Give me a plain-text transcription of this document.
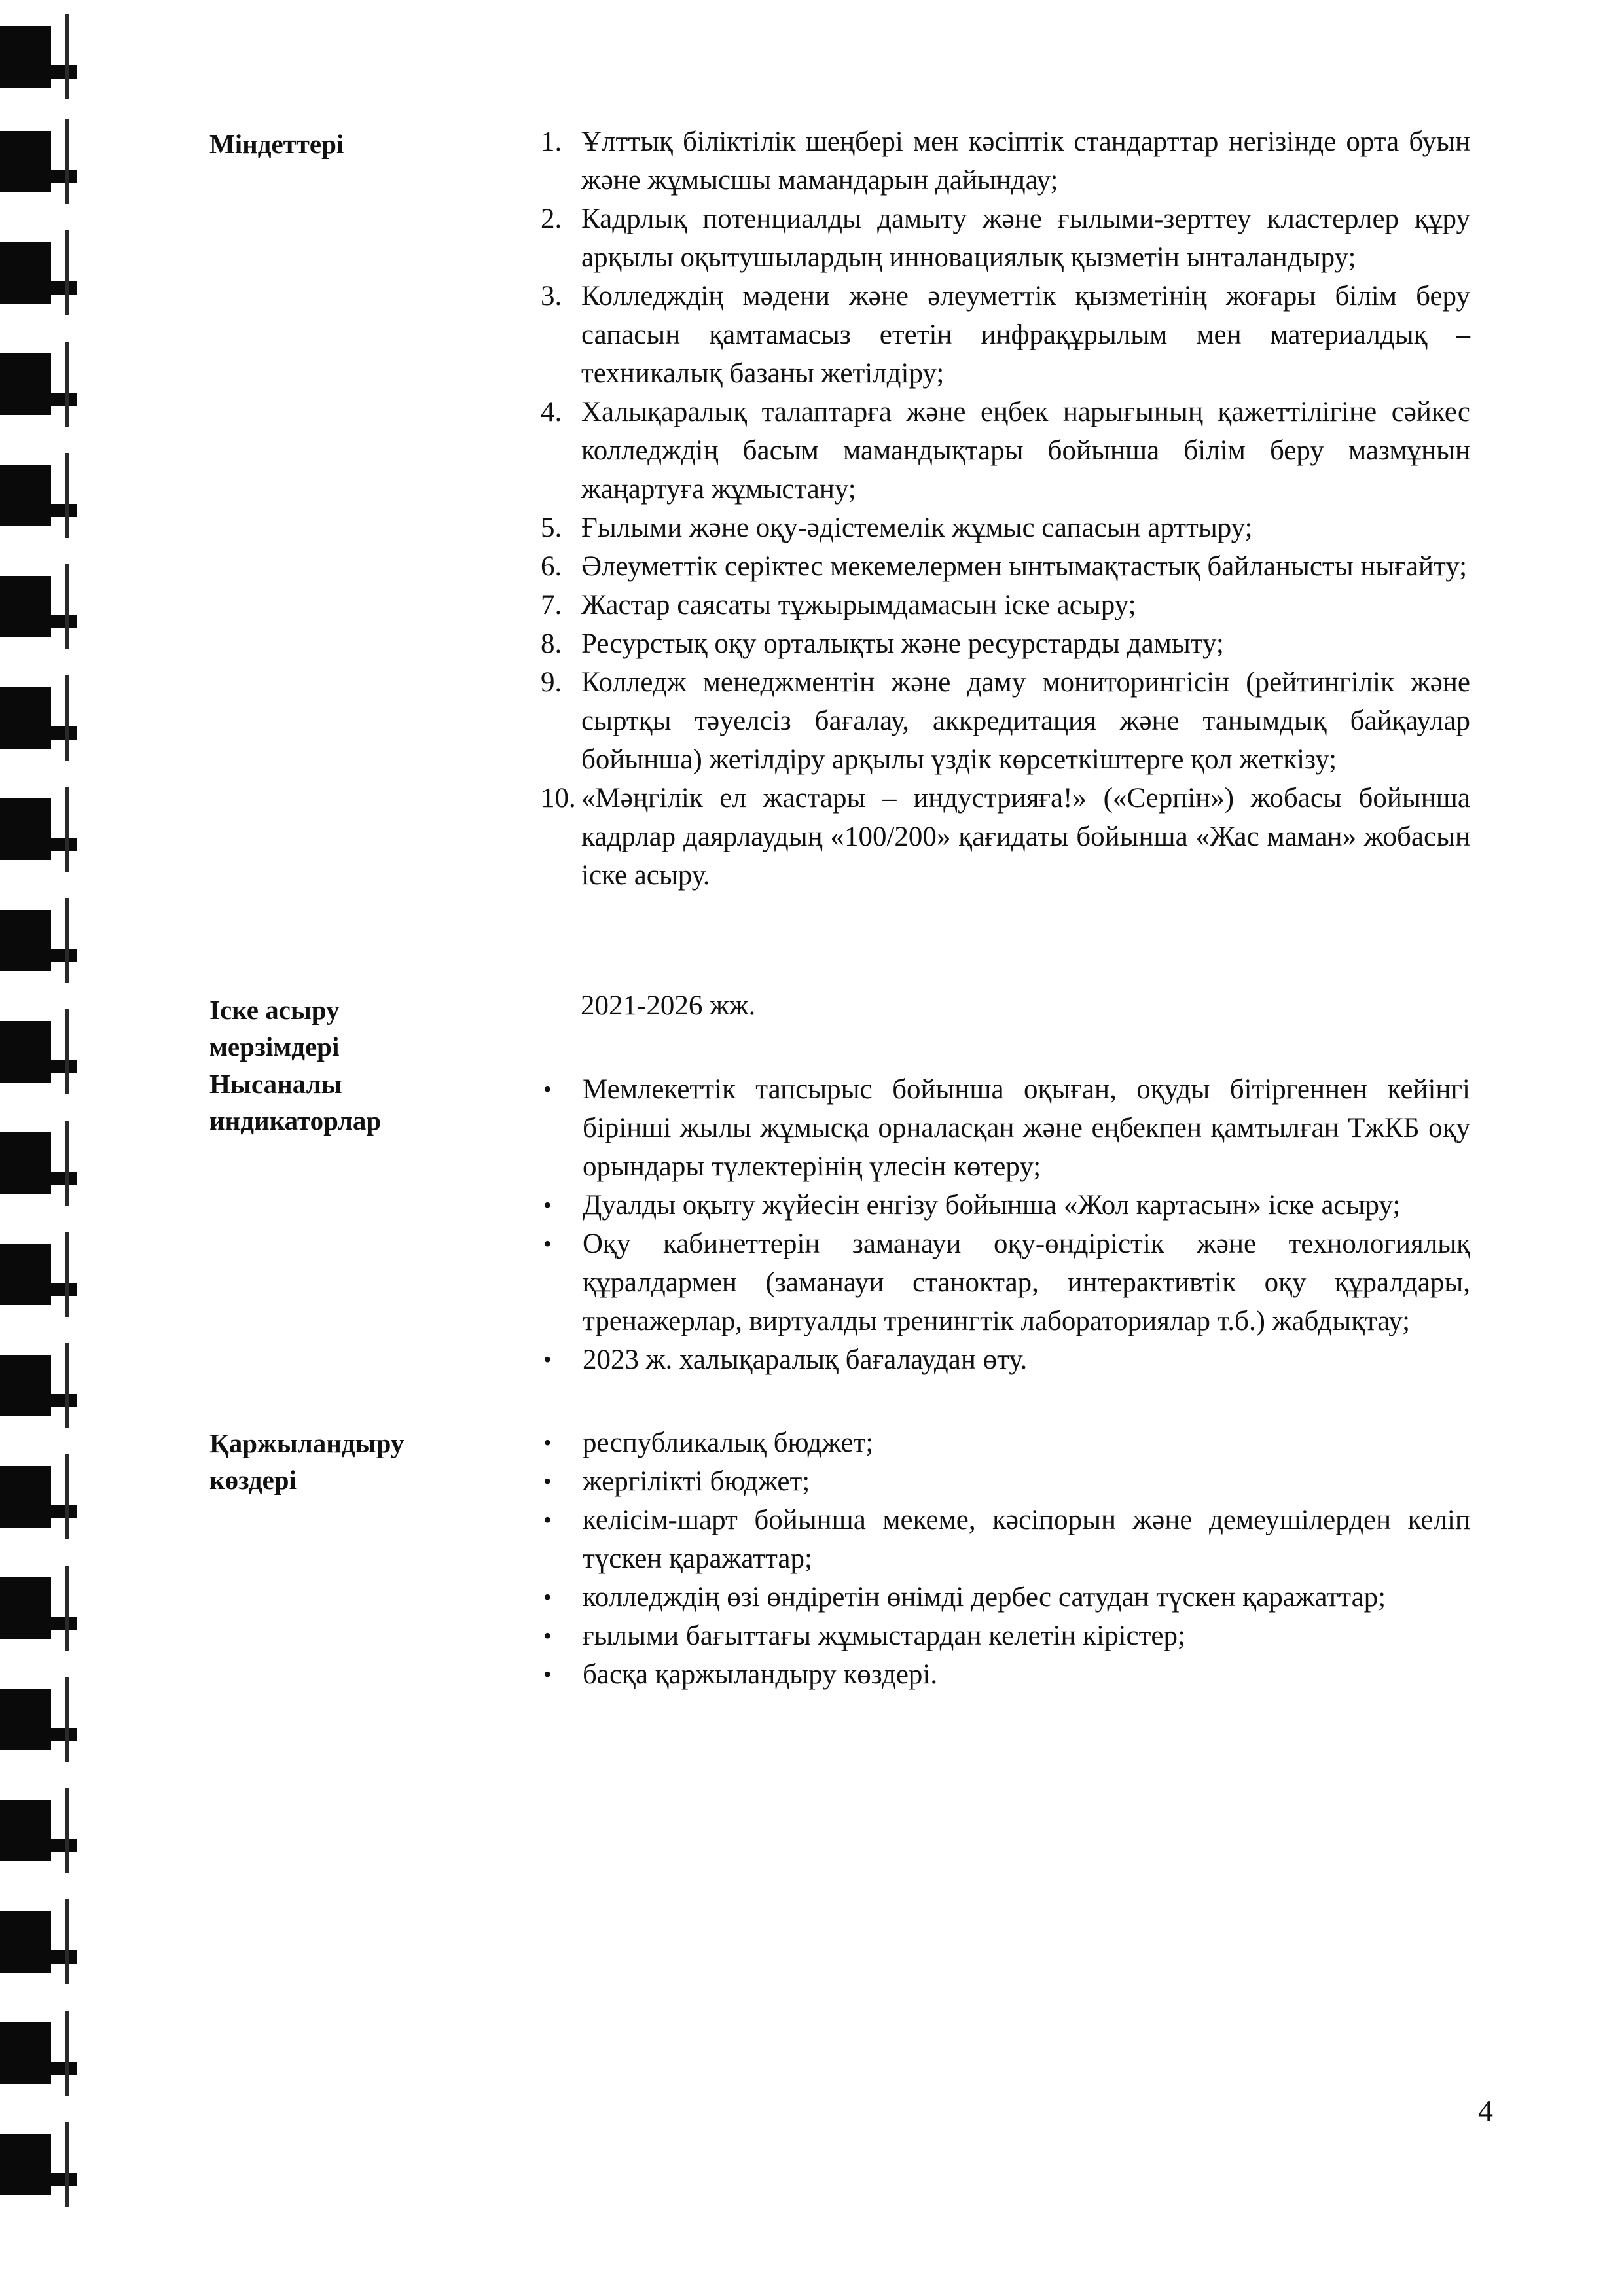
Міндеттері
Іске асыру
мерзімдері
Нысаналы
индикаторлар
Қаржыландыру
көздері
1. Ұлттық біліктілік шеңбері мен кәсіптік стандарттар негізінде орта буын және жұмысшы мамандарын дайындау;
2. Кадрлық потенциалды дамыту және ғылыми-зерттеу кластерлер құру арқылы оқытушылардың инновациялық қызметін ынталандыру;
3. Колледждің мәдени және әлеуметтік қызметінің жоғары білім беру сапасын қамтамасыз ететін инфрақұрылым мен материалдық – техникалық базаны жетілдіру;
4. Халықаралық талаптарға және еңбек нарығының қажеттілігіне сәйкес колледждің басым мамандықтары бойынша білім беру мазмұнын жаңартуға жұмыстану;
5. Ғылыми және оқу-әдістемелік жұмыс сапасын арттыру;
6. Әлеуметтік серіктес мекемелермен ынтымақтастық байланысты нығайту;
7. Жастар саясаты тұжырымдамасын іске асыру;
8. Ресурстық оқу орталықты және ресурстарды дамыту;
9. Колледж менеджментін және даму мониторингісін (рейтингілік және сыртқы тәуелсіз бағалау, аккредитация және танымдық байқаулар бойынша) жетілдіру арқылы үздік көрсеткіштерге қол жеткізу;
10. «Мәңгілік ел жастары – индустрияға!» («Серпін») жобасы бойынша кадрлар даярлаудың «100/200» қағидаты бойынша «Жас маман» жобасын іске асыру.
2021-2026 жж.
• Мемлекеттік тапсырыс бойынша оқыған, оқуды бітіргеннен кейінгі бірінші жылы жұмысқа орналасқан және еңбекпен қамтылған ТжКБ оқу орындары түлектерінің үлесін көтеру;
• Дуалды оқыту жүйесін енгізу бойынша «Жол картасын» іске асыру;
• Оқу кабинеттерін заманауи оқу-өндірістік және технологиялық құралдармен (заманауи станоктар, интерактивтік оқу құралдары, тренажерлар, виртуалды тренингтік лабораториялар т.б.) жабдықтау;
• 2023 ж. халықаралық бағалаудан өту.
• республикалық бюджет;
• жергілікті бюджет;
• келісім-шарт бойынша мекеме, кәсіпорын және демеушілерден келіп түскен қаражаттар;
• колледждің өзі өндіретін өнімді дербес сатудан түскен қаражаттар;
• ғылыми бағыттағы жұмыстардан келетін кірістер;
• басқа қаржыландыру көздері.
4
